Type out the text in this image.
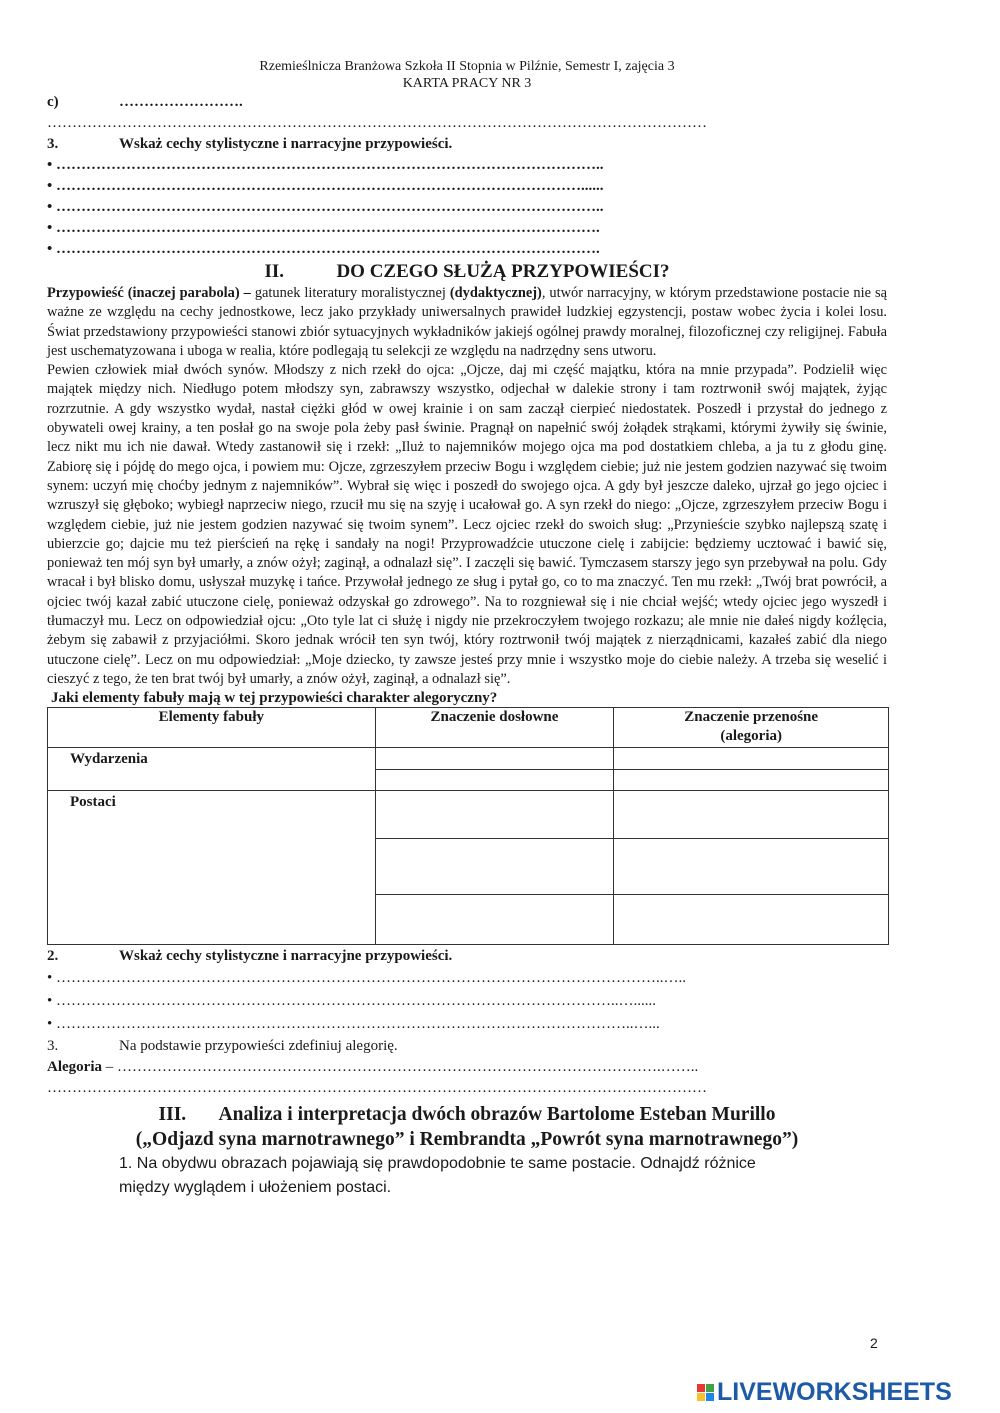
Rzemieślnicza Branżowa Szkoła II Stopnia w Pilźnie, Semestr I, zajęcia 3
KARTA PRACY NR 3
c)	…………………….
……………………………………………………………………………………………………………………
3.	Wskaż cechy stylistyczne i narracyjne przypowieści.
• ………………………………………………………………………………………………..
• ……………………………………………………………………………………………......
• ………………………………………………………………………………………………..
• ……………………………………………………………………………………………….
• ……………………………………………………………………………………………….
II.	DO CZEGO SŁUŻĄ PRZYPOWIEŚCI?
Przypowieść (inaczej parabola) – gatunek literatury moralistycznej (dydaktycznej), utwór narracyjny, w którym przedstawione postacie nie są ważne ze względu na cechy jednostkowe, lecz jako przykłady uniwersalnych prawideł ludzkiej egzystencji, postaw wobec życia i kolei losu. Świat przedstawiony przypowieści stanowi zbiór sytuacyjnych wykładników jakiejś ogólnej prawdy moralnej, filozoficznej czy religijnej. Fabuła jest uschematyzowana i uboga w realia, które podlegają tu selekcji ze względu na nadrzędny sens utworu.
Pewien człowiek miał dwóch synów. Młodszy z nich rzekł do ojca: „Ojcze, daj mi część majątku, która na mnie przypada”. Podzielił więc majątek między nich. Niedługo potem młodszy syn, zabrawszy wszystko, odjechał w dalekie strony i tam roztrwonił swój majątek, żyjąc rozrzutnie. A gdy wszystko wydał, nastał ciężki głód w owej krainie i on sam zaczął cierpieć niedostatek. Poszedł i przystał do jednego z obywateli owej krainy, a ten posłał go na swoje pola żeby pasł świnie. Pragnął on napełnić swój żołądek strąkami, którymi żywiły się świnie, lecz nikt mu ich nie dawał. Wtedy zastanowił się i rzekł: „Iluż to najemników mojego ojca ma pod dostatkiem chleba, a ja tu z głodu ginę. Zabiorę się i pójdę do mego ojca, i powiem mu: Ojcze, zgrzeszyłem przeciw Bogu i względem ciebie; już nie jestem godzien nazywać się twoim synem: uczyń mię choćby jednym z najemników”. Wybrał się więc i poszedł do swojego ojca. A gdy był jeszcze daleko, ujrzał go jego ojciec i wzruszył się głęboko; wybiegł naprzeciw niego, rzucił mu się na szyję i ucałował go. A syn rzekł do niego: „Ojcze, zgrzeszyłem przeciw Bogu i względem ciebie, już nie jestem godzien nazywać się twoim synem”. Lecz ojciec rzekł do swoich sług: „Przynieście szybko najlepszą szatę i ubierzcie go; dajcie mu też pierścień na rękę i sandały na nogi! Przyprowadźcie utuczone cielę i zabijcie: będziemy ucztować i bawić się, ponieważ ten mój syn był umarły, a znów ożył; zaginął, a odnalazł się”. I zaczęli się bawić. Tymczasem starszy jego syn przebywał na polu. Gdy wracał i był blisko domu, usłyszał muzykę i tańce. Przywołał jednego ze sług i pytał go, co to ma znaczyć. Ten mu rzekł: „Twój brat powrócił, a ojciec twój kazał zabić utuczone cielę, ponieważ odzyskał go zdrowego”. Na to rozgniewał się i nie chciał wejść; wtedy ojciec jego wyszedł i tłumaczył mu. Lecz on odpowiedział ojcu: „Oto tyle lat ci służę i nigdy nie przekroczyłem twojego rozkazu; ale mnie nie dałeś nigdy koźlęcia, żebym się zabawił z przyjaciółmi. Skoro jednak wrócił ten syn twój, który roztrwonił twój majątek z nierządnicami, kazałeś zabić dla niego utuczone cielę”. Lecz on mu odpowiedział: „Moje dziecko, ty zawsze jesteś przy mnie i wszystko moje do ciebie należy. A trzeba się weselić i cieszyć z tego, że ten brat twój był umarły, a znów ożył, zaginął, a odnalazł się”.
Jaki elementy fabuły mają w tej przypowieści charakter alegoryczny?
Elementy fabuły	Znaczenie dosłowne	Znaczenie przenośne
(alegoria)

Wydarzenia		

Postaci		

2.	Wskaż cechy stylistyczne i narracyjne przypowieści.
• …………………………………………………………………………………………………………..…..
• …………………………………………………………………………………………………..…......
• ……………………………………………………………………………………………………..…...
3.	Na podstawie przypowieści zdefiniuj alegorię.
Alegoria – ……………………………………………………………………………………………….……..
……………………………………………………………………………………………………………………
III. Analiza i interpretacja dwóch obrazów Bartolome Esteban Murillo
(„Odjazd syna marnotrawnego” i Rembrandta „Powrót syna marnotrawnego”)
1. Na obydwu obrazach pojawiają się prawdopodobnie te same postacie. Odnajdź różnice
między wyglądem i ułożeniem postaci.
2
LIVEWORKSHEETS
